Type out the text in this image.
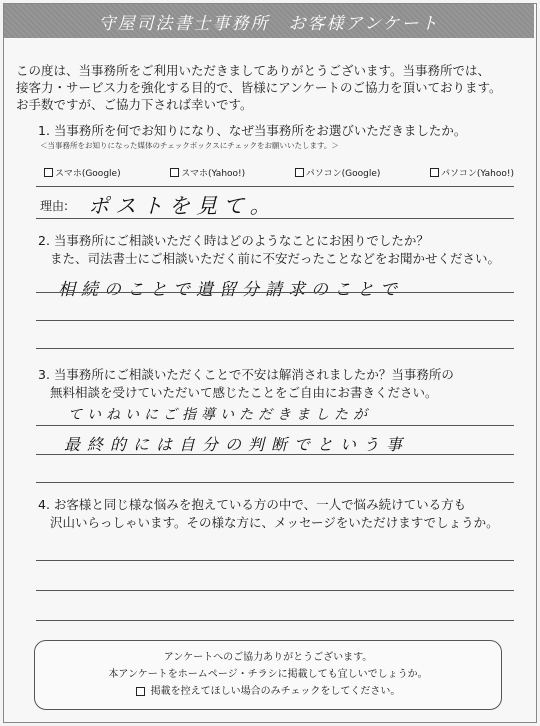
守屋司法書士事務所　お客様アンケート
この度は、当事務所をご利用いただきましてありがとうございます。当事務所では、
接客力・サービス力を強化する目的で、皆様にアンケートのご協力を頂いております。
お手数ですが、ご協力下されば幸いです。
1. 当事務所を何でお知りになり、なぜ当事務所をお選びいただきましたか。
＜当事務所をお知りになった媒体のチェックボックスにチェックをお願いいたします。＞
スマホ(Google)	スマホ(Yahoo!)	パソコン(Google)	パソコン(Yahoo!)
理由: ポストを見て。
2. 当事務所にご相談いただく時はどのようなことにお困りでしたか？
また、司法書士にご相談いただく前に不安だったことなどをお聞かせください。
相続のことで遺留分請求のことで
3. 当事務所にご相談いただくことで不安は解消されましたか？当事務所の
無料相談を受けていただいて感じたことをご自由にお書きください。
ていねいにご指導いただきましたが
最終的には自分の判断でという事
4. お客様と同じ様な悩みを抱えている方の中で、一人で悩み続けている方も
沢山いらっしゃいます。その様な方に、メッセージをいただけますでしょうか。
アンケートへのご協力ありがとうございます。
本アンケートをホームページ・チラシに掲載しても宜しいでしょうか。
掲載を控えてほしい場合のみチェックをしてください。
